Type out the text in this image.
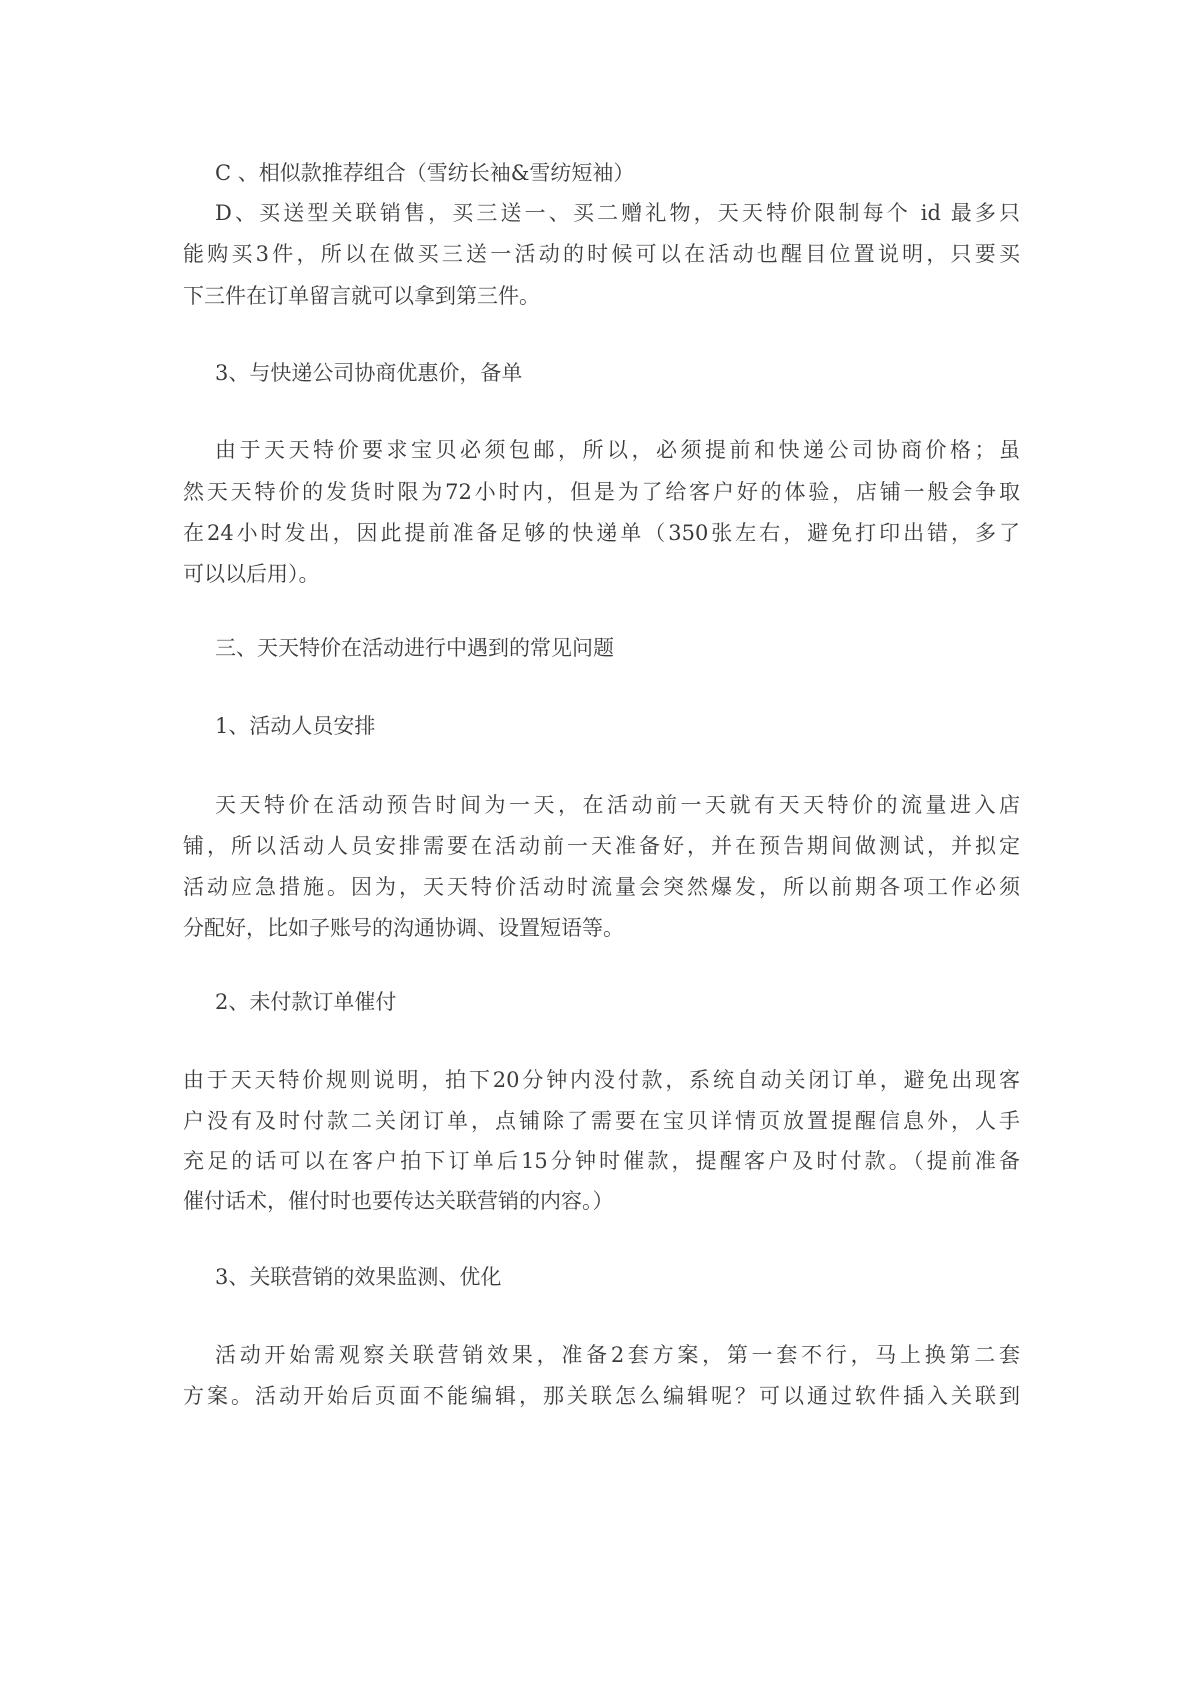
C 、相似款推荐组合（雪纺长袖&雪纺短袖）
D、买送型关联销售，买三送一、买二赠礼物，天天特价限制每个 id 最多只
能购买3件，所以在做买三送一活动的时候可以在活动也醒目位置说明，只要买
下三件在订单留言就可以拿到第三件。
3、与快递公司协商优惠价，备单
由于天天特价要求宝贝必须包邮，所以，必须提前和快递公司协商价格；虽
然天天特价的发货时限为72小时内，但是为了给客户好的体验，店铺一般会争取
在24小时发出，因此提前准备足够的快递单（350张左右，避免打印出错，多了
可以以后用）。
三、天天特价在活动进行中遇到的常见问题
1、活动人员安排
天天特价在活动预告时间为一天，在活动前一天就有天天特价的流量进入店
铺，所以活动人员安排需要在活动前一天准备好，并在预告期间做测试，并拟定
活动应急措施。因为，天天特价活动时流量会突然爆发，所以前期各项工作必须
分配好，比如子账号的沟通协调、设置短语等。
2、未付款订单催付
由于天天特价规则说明，拍下20分钟内没付款，系统自动关闭订单，避免出现客
户没有及时付款二关闭订单，点铺除了需要在宝贝详情页放置提醒信息外，人手
充足的话可以在客户拍下订单后15分钟时催款，提醒客户及时付款。（提前准备
催付话术，催付时也要传达关联营销的内容。）
3、关联营销的效果监测、优化
活动开始需观察关联营销效果，准备2套方案，第一套不行，马上换第二套
方案。活动开始后页面不能编辑，那关联怎么编辑呢？可以通过软件插入关联到
